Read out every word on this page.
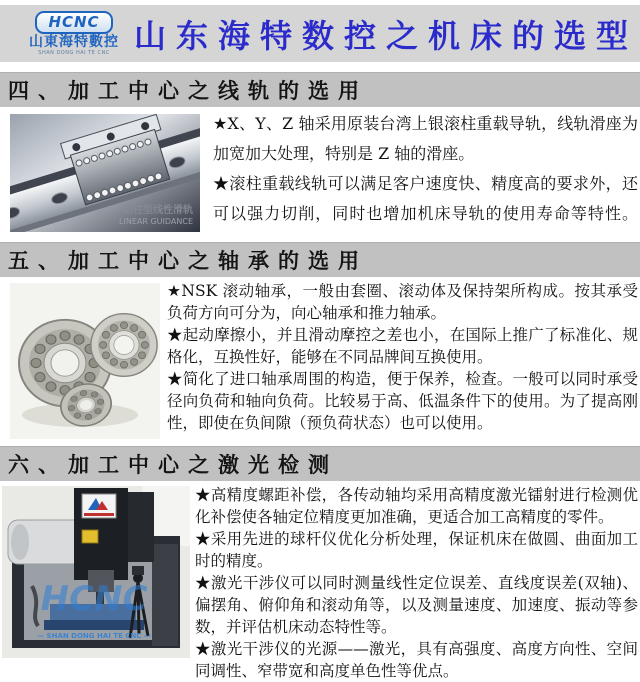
HCNC
山東海特數控
SHAN DONG HAI TE CNC 山东海特数控之机床的选型
四、加工中心之线轨的选用
滚柱型线性滑轨
LINEAR GUIDANCE

★X、Y、Z 轴采用原装台湾上银滚柱重载导轨，线轨滑座为加宽加大处理，特别是 Z 轴的滑座。

★滚柱重载线轨可以满足客户速度快、精度高的要求外，还可以强力切削，同时也增加机床导轨的使用寿命等特性。

五、加工中心之轴承的选用

★NSK 滚动轴承，一般由套圈、滚动体及保持架所构成。按其承受负荷方向可分为，向心轴承和推力轴承。

★起动摩擦小，并且滑动摩控之差也小，在国际上推广了标准化、规格化，互换性好，能够在不同品牌间互换使用。

★简化了进口轴承周围的构造，便于保养，检查。一般可以同时承受径向负荷和轴向负荷。比较易于高、低温条件下的使用。为了提高刚性，即使在负间隙（预负荷状态）也可以使用。

六、加工中心之激光检测
HCNC
— SHAN DONG HAI TE CNC —

★高精度螺距补偿，各传动轴均采用高精度激光镭射进行检测优化补偿使各轴定位精度更加准确，更适合加工高精度的零件。

★采用先进的球杆仪优化分析处理，保证机床在做圆、曲面加工时的精度。

★激光干涉仪可以同时测量线性定位误差、直线度误差(双轴)、偏摆角、俯仰角和滚动角等，以及测量速度、加速度、振动等参数，并评估机床动态特性等。

★激光干涉仪的光源——激光，具有高强度、高度方向性、空间同调性、窄带宽和高度单色性等优点。
